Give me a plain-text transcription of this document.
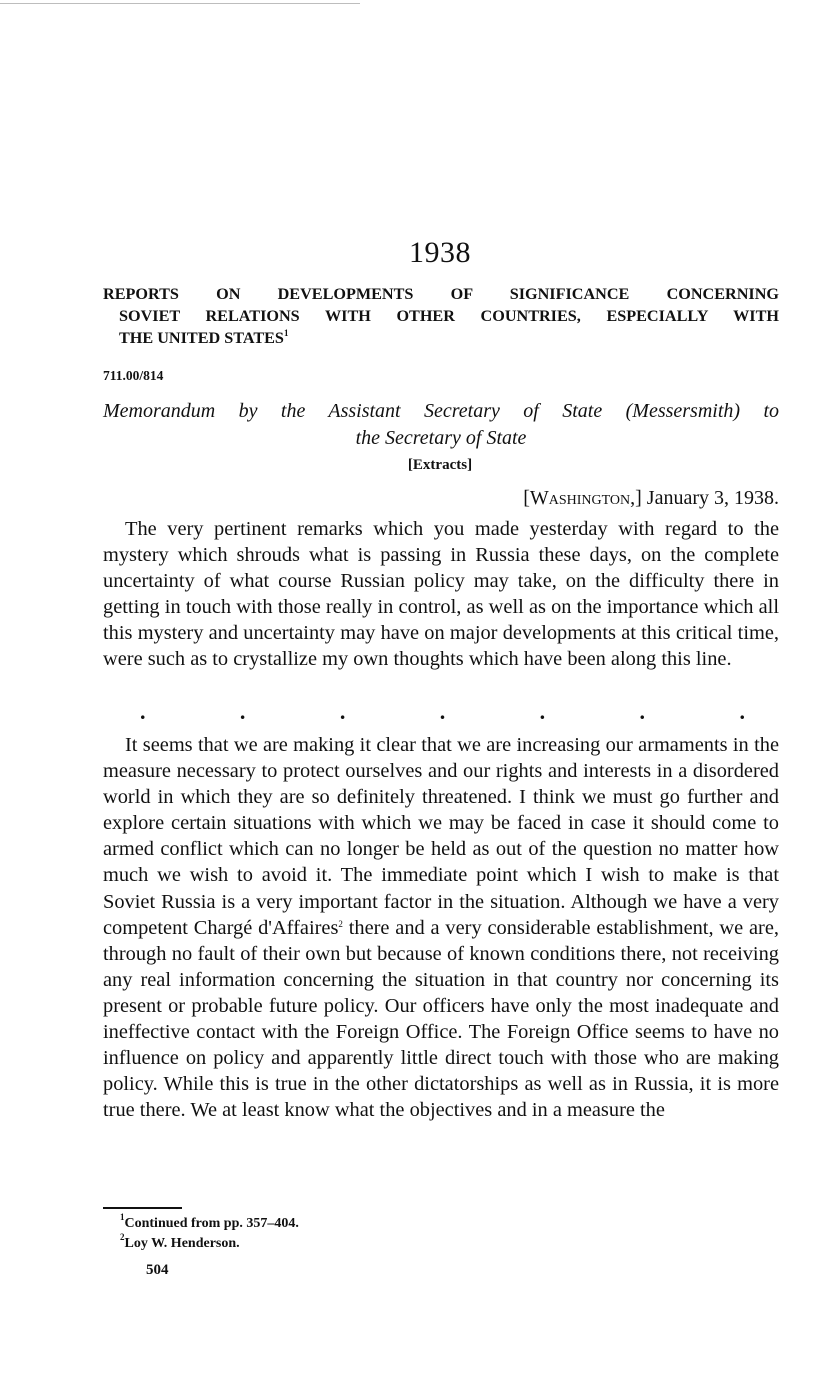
1938
REPORTS ON DEVELOPMENTS OF SIGNIFICANCE CONCERNING
SOVIET RELATIONS WITH OTHER COUNTRIES, ESPECIALLY WITH
THE UNITED STATES$^1$
711.00/814
Memorandum by the Assistant Secretary of State (Messersmith) to
the Secretary of State
[Extracts]
[Washington,] January 3, 1938.
The very pertinent remarks which you made yesterday with regard to the mystery which shrouds what is passing in Russia these days, on the complete uncertainty of what course Russian policy may take, on the difficulty there in getting in touch with those really in control, as well as on the importance which all this mystery and uncertainty may have on major developments at this critical time, were such as to crystallize my own thoughts which have been along this line.
.	.	.	.	.	.	.
It seems that we are making it clear that we are increasing our armaments in the measure necessary to protect ourselves and our rights and interests in a disordered world in which they are so definitely threatened. I think we must go further and explore certain situations with which we may be faced in case it should come to armed conflict which can no longer be held as out of the question no matter how much we wish to avoid it. The immediate point which I wish to make is that Soviet Russia is a very important factor in the situation. Although we have a very competent Chargé d'Affaires$^2$ there and a very considerable establishment, we are, through no fault of their own but because of known conditions there, not receiving any real information concerning the situation in that country nor concerning its present or probable future policy. Our officers have only the most inadequate and ineffective contact with the Foreign Office. The Foreign Office seems to have no influence on policy and apparently little direct touch with those who are making policy. While this is true in the other dictatorships as well as in Russia, it is more true there. We at least know what the objectives and in a measure the
$^1$Continued from pp. 357–404.
$^2$Loy W. Henderson.
504
